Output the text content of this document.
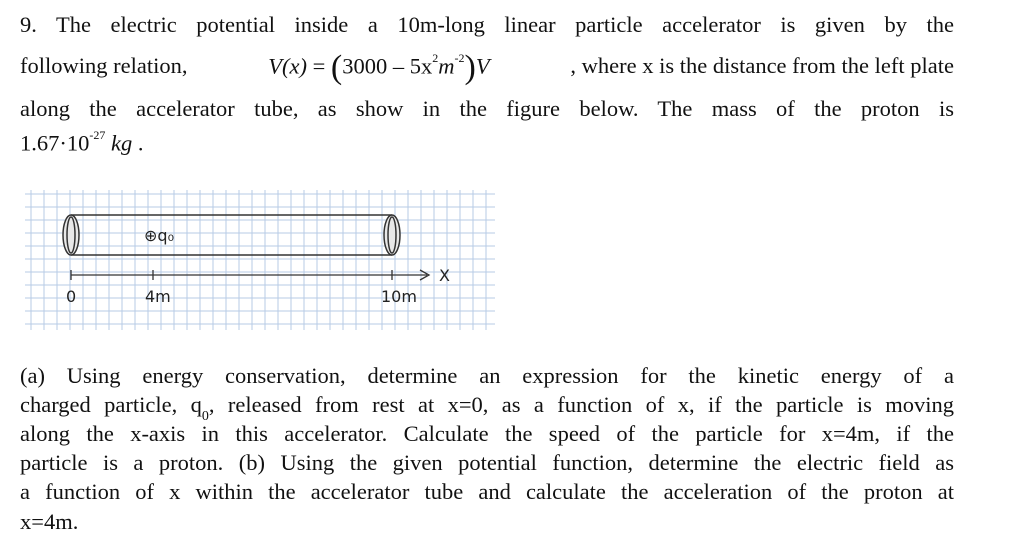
9. The electric potential inside a 10m-long linear particle accelerator is given by the
following relation,	$V(x) = (3000 - 5x^2m^{-2})V$	, where x is the distance from the left plate
along the accelerator tube, as show in the figure below. The mass of the proton is
$1.67\cdot 10^{-27}$ kg .
⊕q₀
0	4m	10m
X
(a) Using energy conservation, determine an expression for the kinetic energy of a
charged particle, $q_0$, released from rest at x=0, as a function of x, if the particle is moving
along the x-axis in this accelerator. Calculate the speed of the particle for x=4m, if the
particle is a proton. (b) Using the given potential function, determine the electric field as
a function of x within the accelerator tube and calculate the acceleration of the proton at
x=4m.
